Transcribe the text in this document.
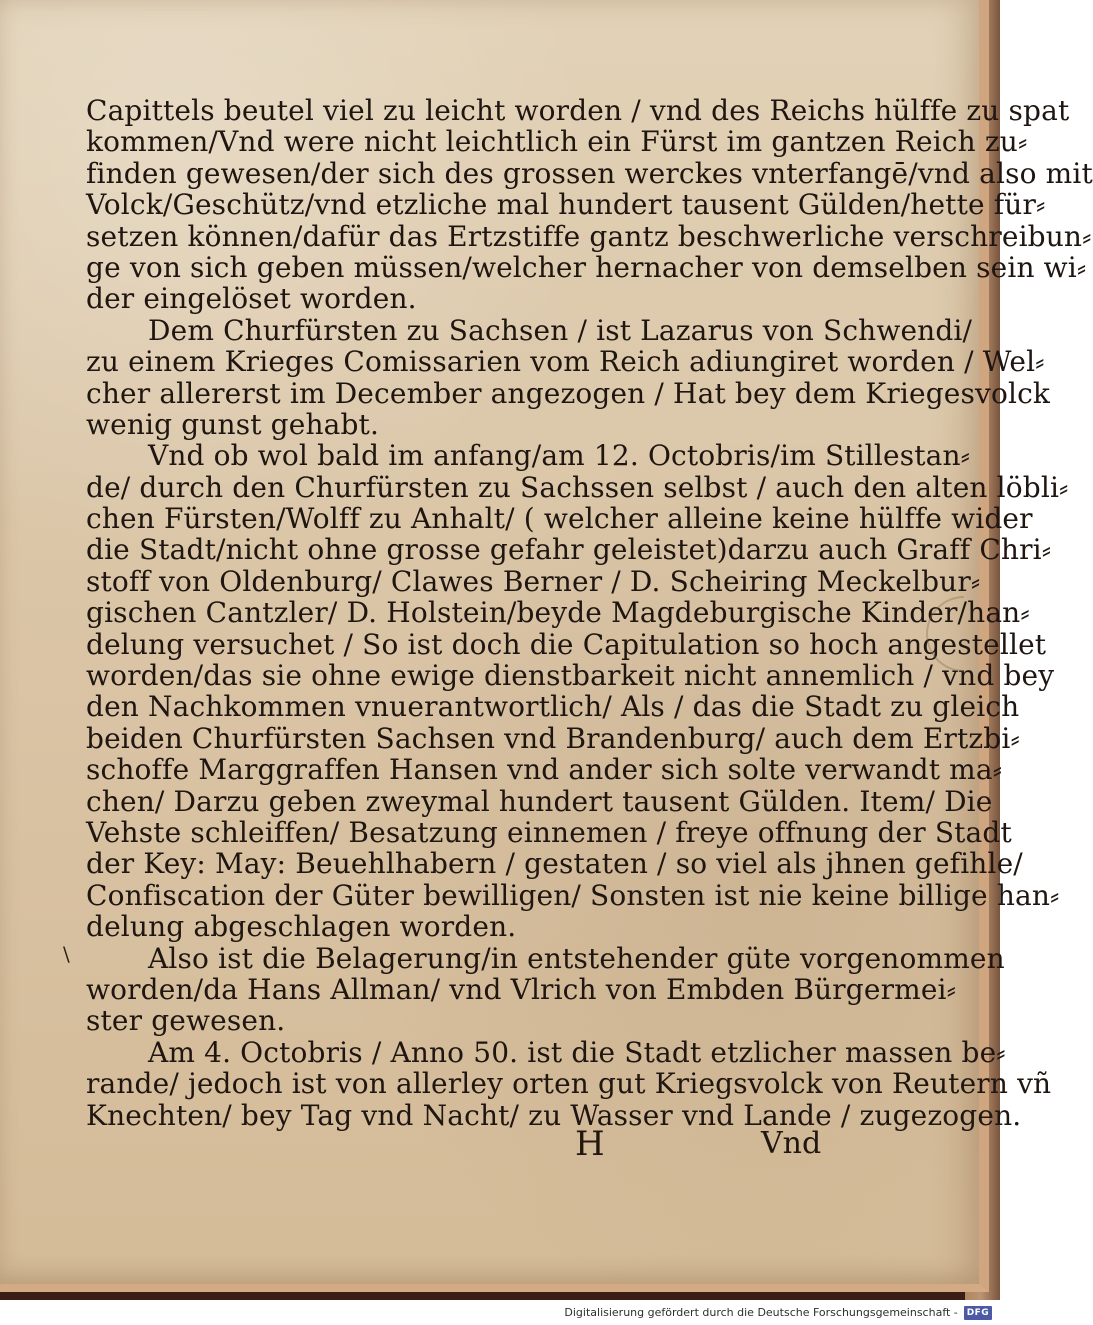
Capittels beutel viel zu leicht worden / vnd des Reichs hülffe zu spat
kommen/Vnd were nicht leichtlich ein Fürst im gantzen Reich zu⸗
finden gewesen/der sich des grossen werckes vnterfangē/vnd also mit
Volck/Geschütz/vnd etzliche mal hundert tausent Gülden/hette für⸗
setzen können/dafür das Ertzstiffe gantz beschwerliche verschreibun⸗
ge von sich geben müssen/welcher hernacher von demselben sein wi⸗
der eingelöset worden.
Dem Churfürsten zu Sachsen / ist Lazarus von Schwendi/
zu einem Krieges Comissarien vom Reich adiungiret worden / Wel⸗
cher allererst im December angezogen / Hat bey dem Kriegesvolck
wenig gunst gehabt.
Vnd ob wol bald im anfang/am 12. Octobris/im Stillestan⸗
de/ durch den Churfürsten zu Sachssen selbst / auch den alten löbli⸗
chen Fürsten/Wolff zu Anhalt/ ( welcher alleine keine hülffe wider
die Stadt/nicht ohne grosse gefahr geleistet)darzu auch Graff Chri⸗
stoff von Oldenburg/ Clawes Berner / D. Scheiring Meckelbur⸗
gischen Cantzler/ D. Holstein/beyde Magdeburgische Kinder/han⸗
delung versuchet / So ist doch die Capitulation so hoch angestellet
worden/das sie ohne ewige dienstbarkeit nicht annemlich / vnd bey
den Nachkommen vnuerantwortlich/ Als / das die Stadt zu gleich
beiden Churfürsten Sachsen vnd Brandenburg/ auch dem Ertzbi⸗
schoffe Marggraffen Hansen vnd ander sich solte verwandt ma⸗
chen/ Darzu geben zweymal hundert tausent Gülden. Item/ Die
Vehste schleiffen/ Besatzung einnemen / freye offnung der Stadt
der Key: May: Beuehlhabern / gestaten / so viel als jhnen gefihle/
Confiscation der Güter bewilligen/ Sonsten ist nie keine billige han⸗
delung abgeschlagen worden.
Also ist die Belagerung/in entstehender güte vorgenommen
worden/da Hans Allman/ vnd Vlrich von Embden Bürgermei⸗
ster gewesen.
Am 4. Octobris / Anno 50. ist die Stadt etzlicher massen be⸗
rande/ jedoch ist von allerley orten gut Kriegsvolck von Reutern vñ
Knechten/ bey Tag vnd Nacht/ zu Wasser vnd Lande / zugezogen.
\
H	Vnd
Digitalisierung gefördert durch die Deutsche Forschungsgemeinschaft -	DFG
